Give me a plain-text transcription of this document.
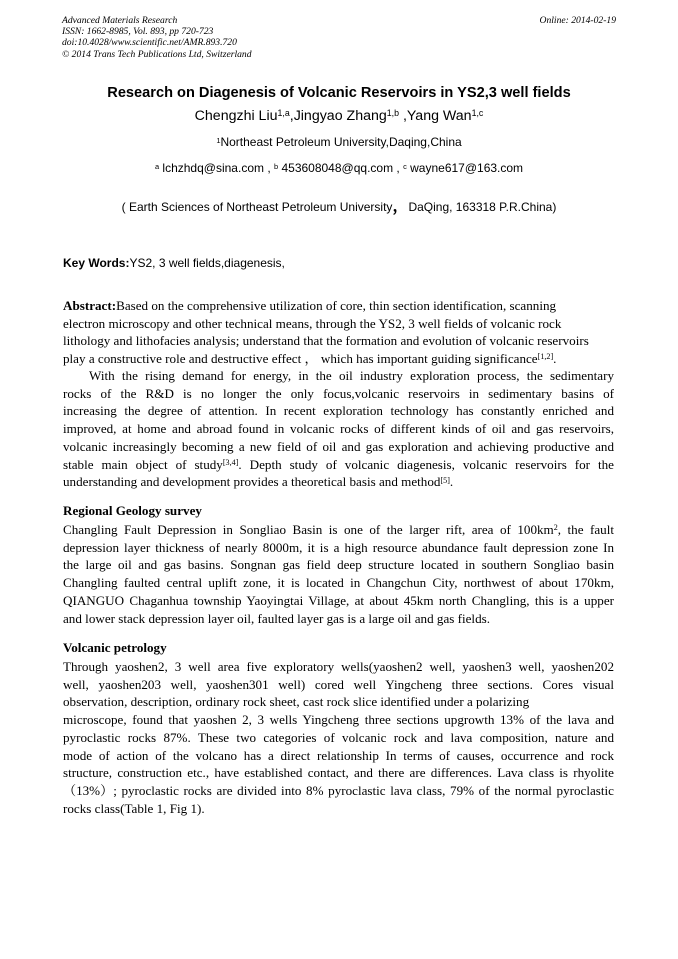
Advanced Materials Research
ISSN: 1662-8985, Vol. 893, pp 720-723
doi:10.4028/www.scientific.net/AMR.893.720
© 2014 Trans Tech Publications Ltd, Switzerland
Online: 2014-02-19
Research on Diagenesis of Volcanic Reservoirs in YS2,3 well fields
Chengzhi Liu$^{1,a}$,Jingyao Zhang$^{1,b}$ ,Yang Wan$^{1,c}$
$^1$Northeast Petroleum University,Daqing,China
$^a$ lchzhdq@sina.com , $^b$ 453608048@qq.com , $^c$ wayne617@163.com
( Earth Sciences of Northeast Petroleum University，DaQing, 163318 P.R.China)
Key Words:YS2, 3 well fields,diagenesis,
Abstract:Based on the comprehensive utilization of core, thin section identification, scanning
electron microscopy and other technical means, through the YS2, 3 well fields of volcanic rock
lithology and lithofacies analysis; understand that the formation and evolution of volcanic reservoirs
play a constructive role and destructive effect ， which has important guiding significance[1,2].
With the rising demand for energy, in the oil industry exploration process, the sedimentary
rocks of the R&D is no longer the only focus,volcanic reservoirs in sedimentary basins of
increasing the degree of attention. In recent exploration technology has constantly enriched and
improved, at home and abroad found in volcanic rocks of different kinds of oil and gas reservoirs,
volcanic increasingly becoming a new field of oil and gas exploration and achieving productive and
stable main object of study[3,4]. Depth study of volcanic diagenesis, volcanic reservoirs for the
understanding and development provides a theoretical basis and method[5].
Regional Geology survey
Changling Fault Depression in Songliao Basin is one of the larger rift, area of $100km^2$, the fault
depression layer thickness of nearly 8000m, it is a high resource abundance fault depression zone In
the large oil and gas basins. Songnan gas field deep structure located in southern Songliao basin
Changling faulted central uplift zone, it is located in Changchun City, northwest of about 170km,
QIANGUO Chaganhua township Yaoyingtai Village, at about 45km north Changling, this is a upper
and lower stack depression layer oil, faulted layer gas is a large oil and gas fields.
Volcanic petrology
Through yaoshen2, 3 well area five exploratory wells(yaoshen2 well, yaoshen3 well, yaoshen202
well, yaoshen203 well, yaoshen301 well) cored well Yingcheng three sections. Cores visual
observation, description, ordinary rock sheet, cast rock slice identified under a polarizing
microscope, found that yaoshen 2, 3 wells Yingcheng three sections upgrowth 13% of the lava and
pyroclastic rocks 87%. These two categories of volcanic rock and lava composition, nature and
mode of action of the volcano has a direct relationship In terms of causes, occurrence and rock
structure, construction etc., have established contact, and there are differences. Lava class is rhyolite
（13%）; pyroclastic rocks are divided into 8% pyroclastic lava class, 79% of the normal pyroclastic
rocks class(Table 1, Fig 1).
